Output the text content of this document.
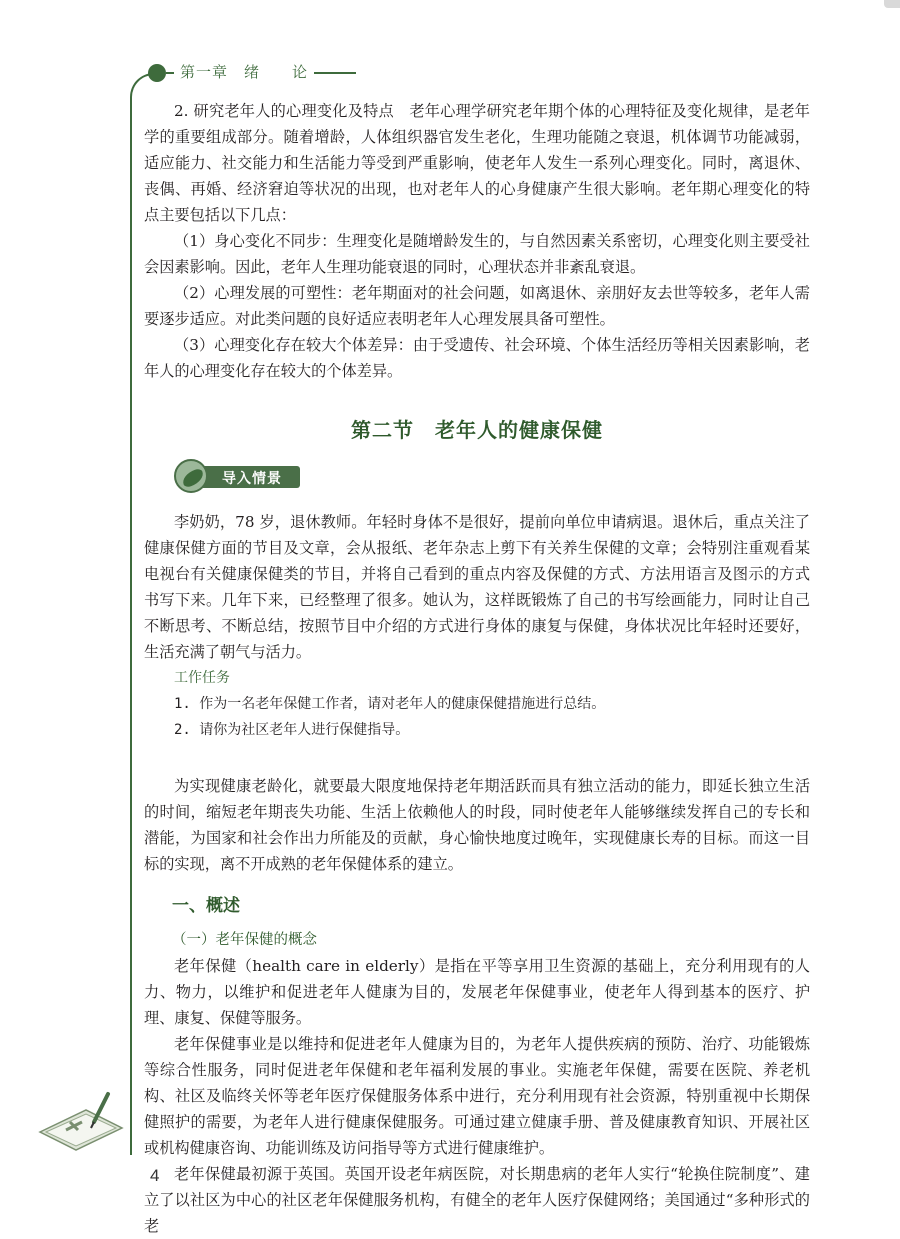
第一章　绪　　论

2. 研究老年人的心理变化及特点　老年心理学研究老年期个体的心理特征及变化规律，是老年学的重要组成部分。随着增龄，人体组织器官发生老化，生理功能随之衰退，机体调节功能减弱，适应能力、社交能力和生活能力等受到严重影响，使老年人发生一系列心理变化。同时，离退休、丧偶、再婚、经济窘迫等状况的出现，也对老年人的心身健康产生很大影响。老年期心理变化的特点主要包括以下几点：

（1）身心变化不同步：生理变化是随增龄发生的，与自然因素关系密切，心理变化则主要受社会因素影响。因此，老年人生理功能衰退的同时，心理状态并非紊乱衰退。

（2）心理发展的可塑性：老年期面对的社会问题，如离退休、亲朋好友去世等较多，老年人需要逐步适应。对此类问题的良好适应表明老年人心理发展具备可塑性。

（3）心理变化存在较大个体差异：由于受遗传、社会环境、个体生活经历等相关因素影响，老年人的心理变化存在较大的个体差异。

第二节　老年人的健康保健
导入情景

李奶奶，78 岁，退休教师。年轻时身体不是很好，提前向单位申请病退。退休后，重点关注了健康保健方面的节目及文章，会从报纸、老年杂志上剪下有关养生保健的文章；会特别注重观看某电视台有关健康保健类的节目，并将自己看到的重点内容及保健的方式、方法用语言及图示的方式书写下来。几年下来，已经整理了很多。她认为，这样既锻炼了自己的书写绘画能力，同时让自己不断思考、不断总结，按照节目中介绍的方式进行身体的康复与保健，身体状况比年轻时还要好，生活充满了朝气与活力。

工作任务
1. 作为一名老年保健工作者，请对老年人的健康保健措施进行总结。
2. 请你为社区老年人进行保健指导。

为实现健康老龄化，就要最大限度地保持老年期活跃而具有独立活动的能力，即延长独立生活的时间，缩短老年期丧失功能、生活上依赖他人的时段，同时使老年人能够继续发挥自己的专长和潜能，为国家和社会作出力所能及的贡献，身心愉快地度过晚年，实现健康长寿的目标。而这一目标的实现，离不开成熟的老年保健体系的建立。

一、概述
（一）老年保健的概念

老年保健（health care in elderly）是指在平等享用卫生资源的基础上，充分利用现有的人力、物力，以维护和促进老年人健康为目的，发展老年保健事业，使老年人得到基本的医疗、护理、康复、保健等服务。

老年保健事业是以维持和促进老年人健康为目的，为老年人提供疾病的预防、治疗、功能锻炼等综合性服务，同时促进老年保健和老年福利发展的事业。实施老年保健，需要在医院、养老机构、社区及临终关怀等老年医疗保健服务体系中进行，充分利用现有社会资源，特别重视中长期保健照护的需要，为老年人进行健康保健服务。可通过建立健康手册、普及健康教育知识、开展社区或机构健康咨询、功能训练及访问指导等方式进行健康维护。

老年保健最初源于英国。英国开设老年病医院，对长期患病的老年人实行“轮换住院制度”、建立了以社区为中心的社区老年保健服务机构，有健全的老年人医疗保健网络；美国通过“多种形式的老

4
